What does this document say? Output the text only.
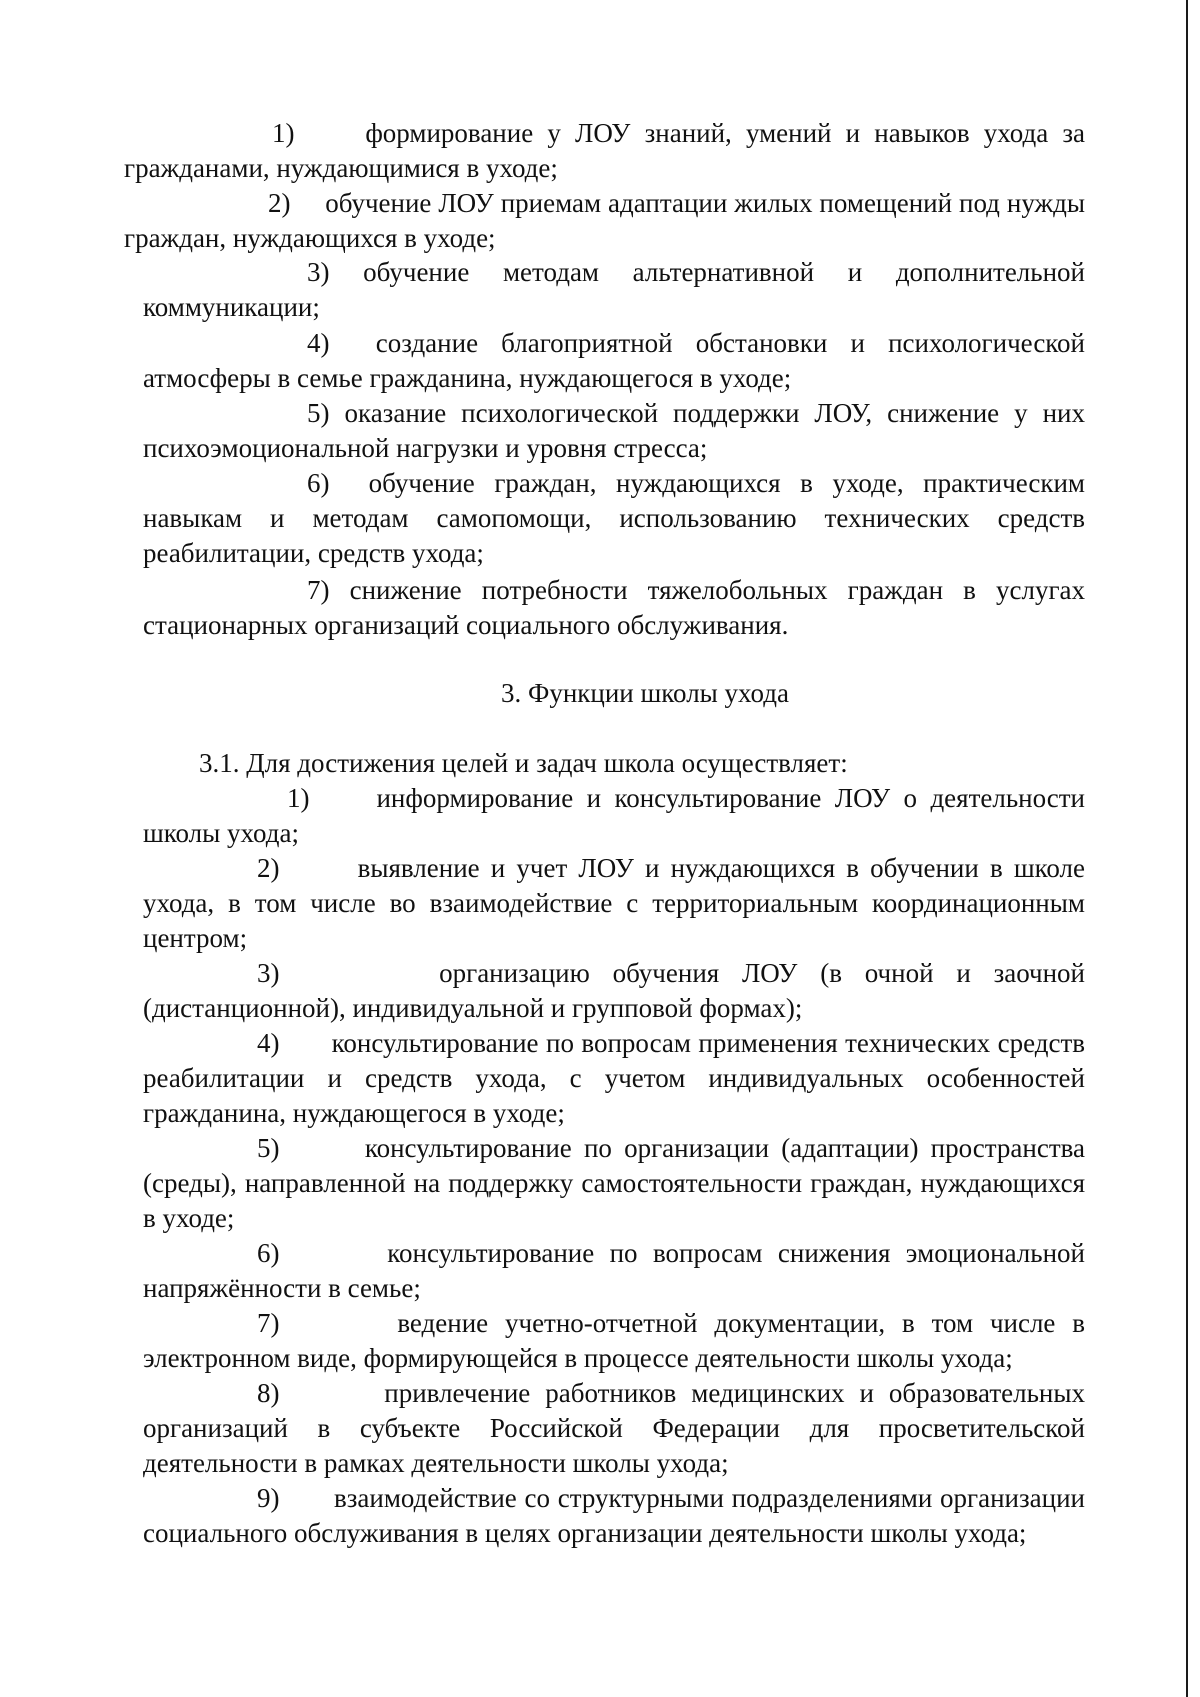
1)	формирование у ЛОУ знаний, умений и навыков ухода за гражданами, нуждающимися в уходе;

2) обучение ЛОУ приемам адаптации жилых помещений под нужды граждан, нуждающихся в уходе;

3) обучение методам альтернативной и дополнительной коммуникации;

4) создание благоприятной обстановки и психологической атмосферы в семье гражданина, нуждающегося в уходе;

5) оказание психологической поддержки ЛОУ, снижение у них психоэмоциональной нагрузки и уровня стресса;

6) обучение граждан, нуждающихся в уходе, практическим навыкам и методам самопомощи, использованию технических средств реабилитации, средств ухода;

7) снижение потребности тяжелобольных граждан в услугах стационарных организаций социального обслуживания.

3. Функции школы ухода

3.1. Для достижения целей и задач школа осуществляет:

1) информирование и консультирование ЛОУ о деятельности школы ухода;

2)	выявление и учет ЛОУ и нуждающихся в обучении в школе ухода, в том числе во взаимодействие с территориальным координационным центром;

3)	организацию обучения ЛОУ (в очной и заочной (дистанционной), индивидуальной и групповой формах);

4) консультирование по вопросам применения технических средств реабилитации и средств ухода, с учетом индивидуальных особенностей гражданина, нуждающегося в уходе;

5)	консультирование по организации (адаптации) пространства (среды), направленной на поддержку самостоятельности граждан, нуждающихся в уходе;

6)	консультирование по вопросам снижения эмоциональной напряжённости в семье;

7)	ведение учетно-отчетной документации, в том числе в электронном виде, формирующейся в процессе деятельности школы ухода;

8)	привлечение работников медицинских и образовательных организаций в субъекте Российской Федерации для просветительской деятельности в рамках деятельности школы ухода;

9) взаимодействие со структурными подразделениями организации социального обслуживания в целях организации деятельности школы ухода;
